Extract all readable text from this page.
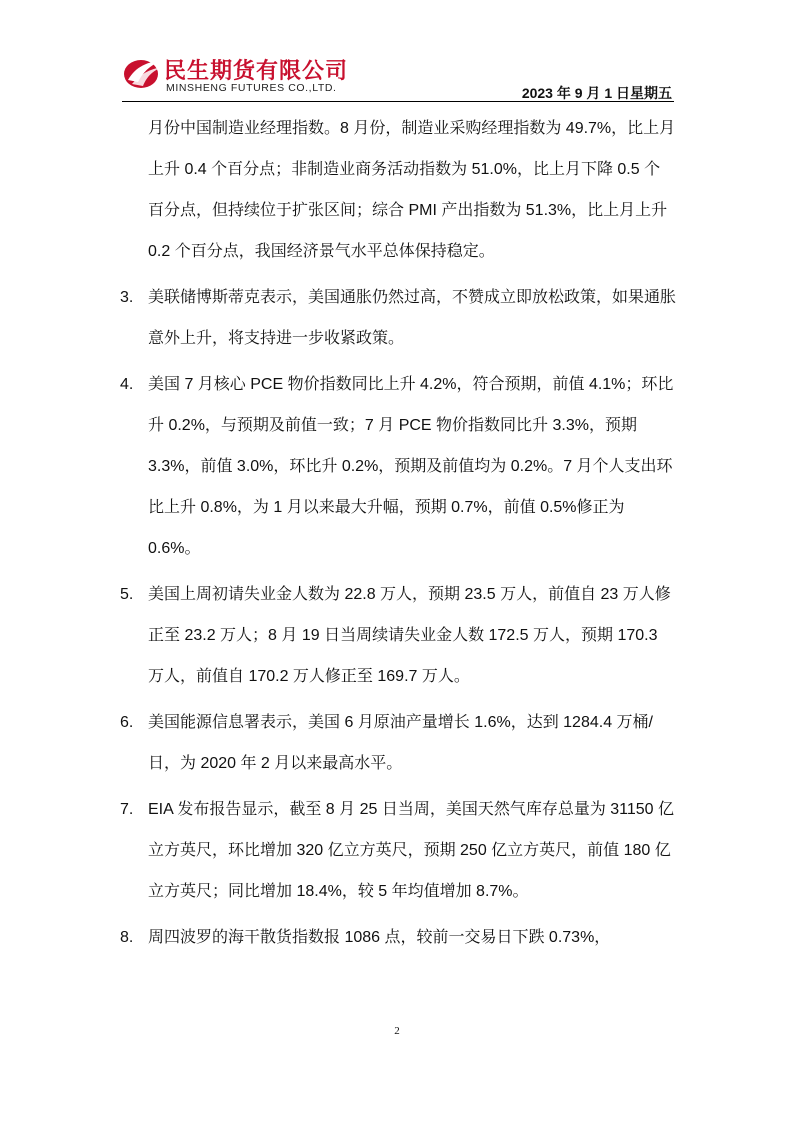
民生期货有限公司
MINSHENG FUTURES CO.,LTD.	2023 年 9 月 1 日星期五

月份中国制造业经理指数。8 月份，制造业采购经理指数为 49.7%，比上月上升 0.4 个百分点；非制造业商务活动指数为 51.0%，比上月下降 0.5 个百分点，但持续位于扩张区间；综合 PMI 产出指数为 51.3%，比上月上升 0.2 个百分点，我国经济景气水平总体保持稳定。

3. 美联储博斯蒂克表示，美国通胀仍然过高，不赞成立即放松政策，如果通胀意外上升，将支持进一步收紧政策。

4. 美国 7 月核心 PCE 物价指数同比上升 4.2%，符合预期，前值 4.1%；环比升 0.2%，与预期及前值一致；7 月 PCE 物价指数同比升 3.3%，预期 3.3%，前值 3.0%，环比升 0.2%，预期及前值均为 0.2%。7 月个人支出环比上升 0.8%，为 1 月以来最大升幅，预期 0.7%，前值 0.5%修正为 0.6%。

5. 美国上周初请失业金人数为 22.8 万人，预期 23.5 万人，前值自 23 万人修正至 23.2 万人；8 月 19 日当周续请失业金人数 172.5 万人，预期 170.3 万人，前值自 170.2 万人修正至 169.7 万人。

6. 美国能源信息署表示，美国 6 月原油产量增长 1.6%，达到 1284.4 万桶/日，为 2020 年 2 月以来最高水平。

7. EIA 发布报告显示，截至 8 月 25 日当周，美国天然气库存总量为 31150 亿立方英尺，环比增加 320 亿立方英尺，预期 250 亿立方英尺，前值 180 亿立方英尺；同比增加 18.4%，较 5 年均值增加 8.7%。

8. 周四波罗的海干散货指数报 1086 点，较前一交易日下跌 0.73%，

2
